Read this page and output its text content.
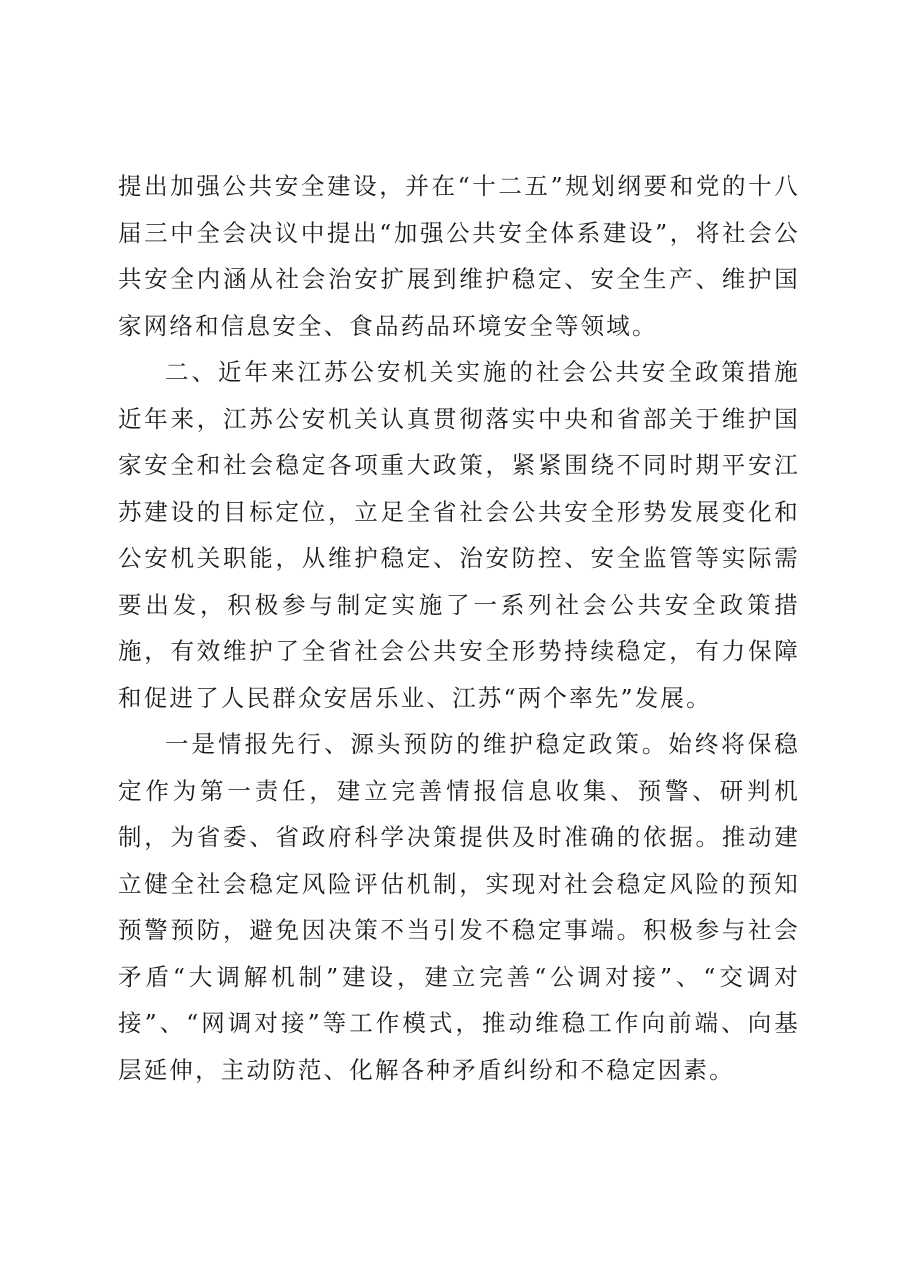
提出加强公共安全建设，并在“十二五”规划纲要和党的十八届三中全会决议中提出“加强公共安全体系建设”，将社会公共安全内涵从社会治安扩展到维护稳定、安全生产、维护国家网络和信息安全、食品药品环境安全等领域。

二、近年来江苏公安机关实施的社会公共安全政策措施近年来，江苏公安机关认真贯彻落实中央和省部关于维护国家安全和社会稳定各项重大政策，紧紧围绕不同时期平安江苏建设的目标定位，立足全省社会公共安全形势发展变化和公安机关职能，从维护稳定、治安防控、安全监管等实际需要出发，积极参与制定实施了一系列社会公共安全政策措施，有效维护了全省社会公共安全形势持续稳定，有力保障和促进了人民群众安居乐业、江苏“两个率先”发展。

一是情报先行、源头预防的维护稳定政策。始终将保稳定作为第一责任，建立完善情报信息收集、预警、研判机制，为省委、省政府科学决策提供及时准确的依据。推动建立健全社会稳定风险评估机制，实现对社会稳定风险的预知预警预防，避免因决策不当引发不稳定事端。积极参与社会矛盾“大调解机制”建设，建立完善“公调对接”、“交调对接”、“网调对接”等工作模式，推动维稳工作向前端、向基层延伸，主动防范、化解各种矛盾纠纷和不稳定因素。
